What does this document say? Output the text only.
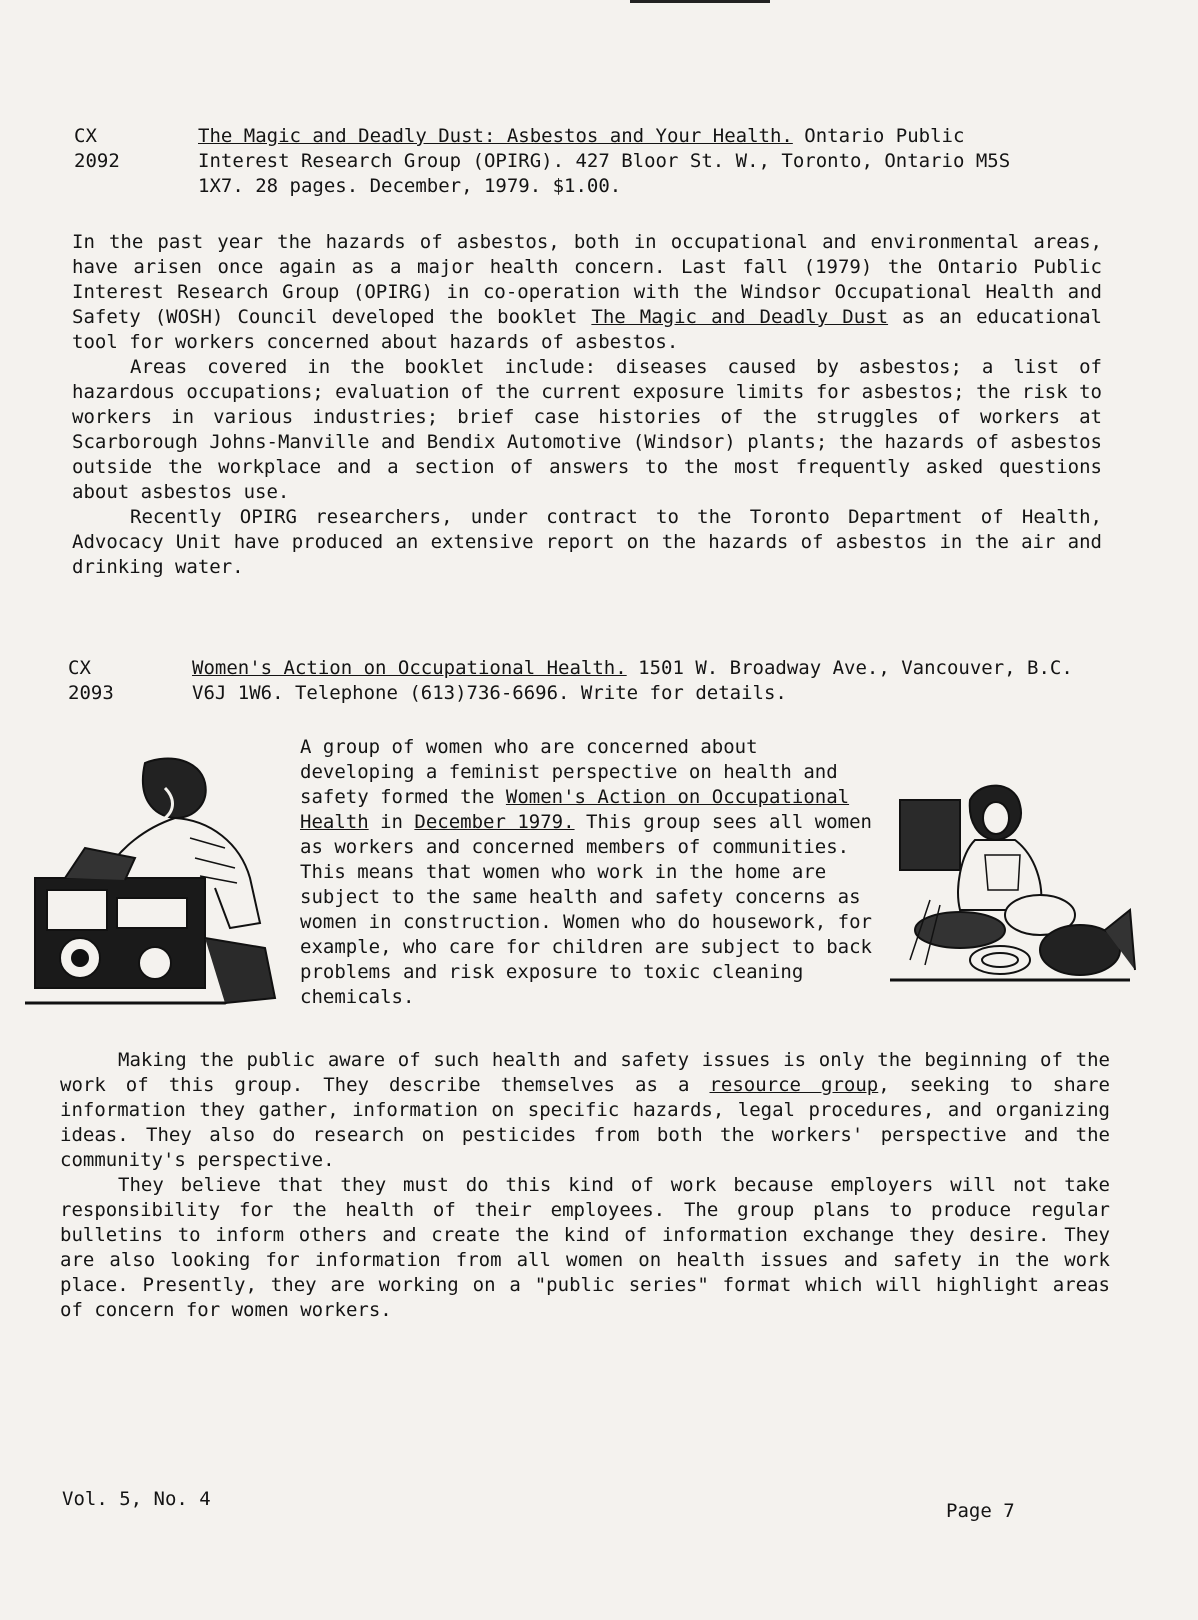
CX
2092
The Magic and Deadly Dust: Asbestos and Your Health. Ontario Public Interest Research Group (OPIRG). 427 Bloor St. W., Toronto, Ontario M5S 1X7. 28 pages. December, 1979. $1.00.

In the past year the hazards of asbestos, both in occupational and environmental areas, have arisen once again as a major health concern. Last fall (1979) the Ontario Public Interest Research Group (OPIRG) in co-operation with the Windsor Occupational Health and Safety (WOSH) Council developed the booklet The Magic and Deadly Dust as an educational tool for workers concerned about hazards of asbestos.

Areas covered in the booklet include: diseases caused by asbestos; a list of hazardous occupations; evaluation of the current exposure limits for asbestos; the risk to workers in various industries; brief case histories of the struggles of workers at Scarborough Johns-Manville and Bendix Automotive (Windsor) plants; the hazards of asbestos outside the workplace and a section of answers to the most frequently asked questions about asbestos use.

Recently OPIRG researchers, under contract to the Toronto Department of Health, Advocacy Unit have produced an extensive report on the hazards of asbestos in the air and drinking water.

CX
2093
Women's Action on Occupational Health. 1501 W. Broadway Ave., Vancouver, B.C. V6J 1W6. Telephone (613)736-6696. Write for details.

A group of women who are concerned about developing a feminist perspective on health and safety formed the Women's Action on Occupational Health in December 1979. This group sees all women as workers and concerned members of communities. This means that women who work in the home are subject to the same health and safety concerns as women in construction. Women who do housework, for example, who care for children are subject to back problems and risk exposure to toxic cleaning chemicals.

Making the public aware of such health and safety issues is only the beginning of the work of this group. They describe themselves as a resource group, seeking to share information they gather, information on specific hazards, legal procedures, and organizing ideas. They also do research on pesticides from both the workers' perspective and the community's perspective.

They believe that they must do this kind of work because employers will not take responsibility for the health of their employees. The group plans to produce regular bulletins to inform others and create the kind of information exchange they desire. They are also looking for information from all women on health issues and safety in the work place. Presently, they are working on a "public series" format which will highlight areas of concern for women workers.

Vol. 5, No. 4
Page 7
